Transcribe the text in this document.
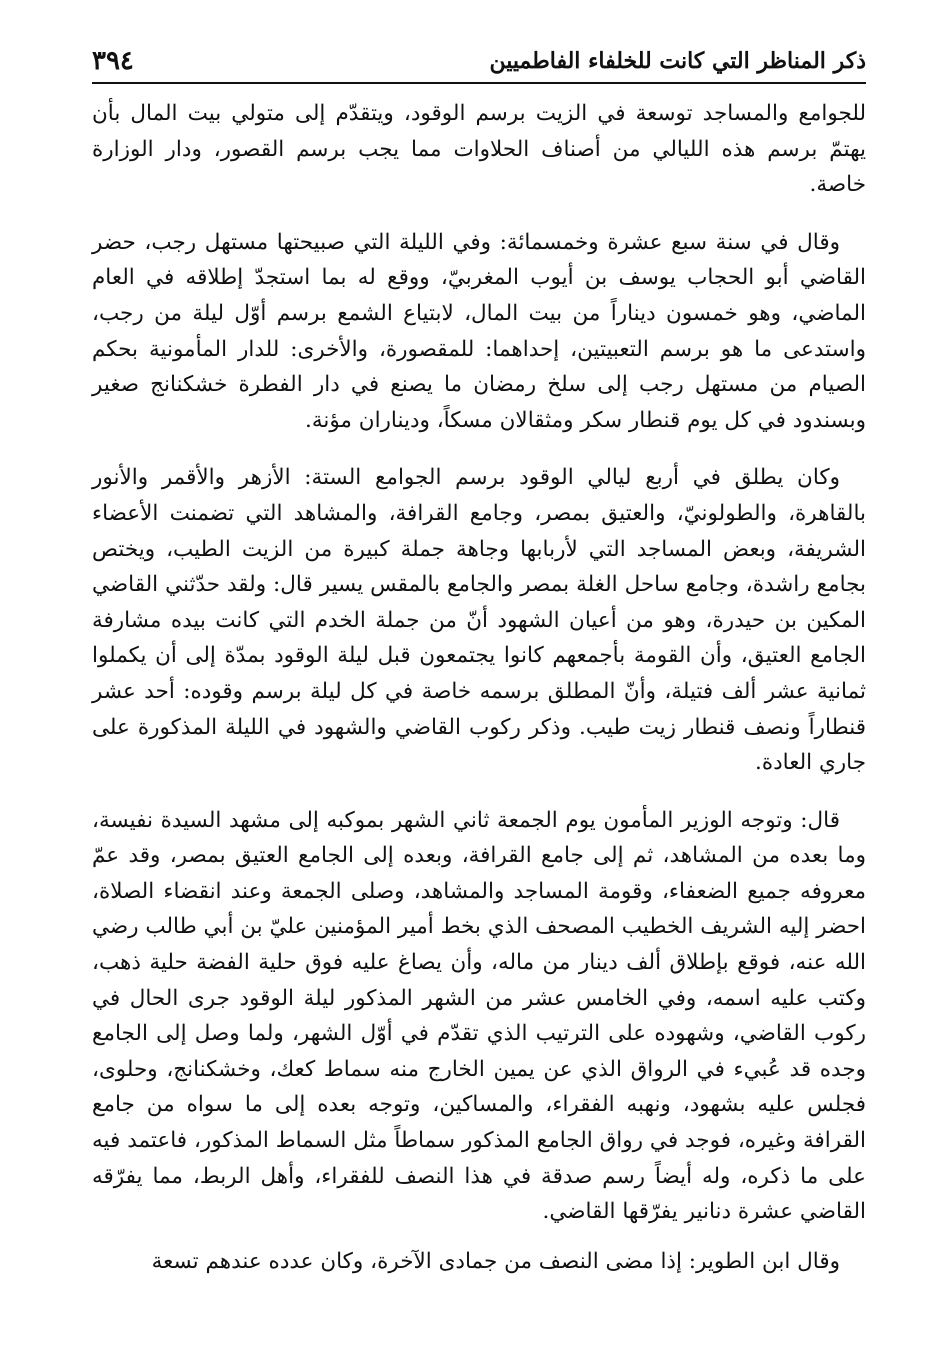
ذكر المناظر التي كانت للخلفاء الفاطميين
٣٩٤

للجوامع والمساجد توسعة في الزيت برسم الوقود، ويتقدّم إلى متولي بيت المال بأن يهتمّ برسم هذه الليالي من أصناف الحلاوات مما يجب برسم القصور، ودار الوزارة خاصة.

وقال في سنة سبع عشرة وخمسمائة: وفي الليلة التي صبيحتها مستهل رجب، حضر القاضي أبو الحجاب يوسف بن أيوب المغربيّ، ووقع له بما استجدّ إطلاقه في العام الماضي، وهو خمسون ديناراً من بيت المال، لابتياع الشمع برسم أوّل ليلة من رجب، واستدعى ما هو برسم التعبيتين، إحداهما: للمقصورة، والأخرى: للدار المأمونية بحكم الصيام من مستهل رجب إلى سلخ رمضان ما يصنع في دار الفطرة خشكنانج صغير وبسندود في كل يوم قنطار سكر ومثقالان مسكاً، وديناران مؤنة.

وكان يطلق في أربع ليالي الوقود برسم الجوامع الستة: الأزهر والأقمر والأنور بالقاهرة، والطولونيّ، والعتيق بمصر، وجامع القرافة، والمشاهد التي تضمنت الأعضاء الشريفة، وبعض المساجد التي لأربابها وجاهة جملة كبيرة من الزيت الطيب، ويختص بجامع راشدة، وجامع ساحل الغلة بمصر والجامع بالمقس يسير قال: ولقد حدّثني القاضي المكين بن حيدرة، وهو من أعيان الشهود أنّ من جملة الخدم التي كانت بيده مشارفة الجامع العتيق، وأن القومة بأجمعهم كانوا يجتمعون قبل ليلة الوقود بمدّة إلى أن يكملوا ثمانية عشر ألف فتيلة، وأنّ المطلق برسمه خاصة في كل ليلة برسم وقوده: أحد عشر قنطاراً ونصف قنطار زيت طيب. وذكر ركوب القاضي والشهود في الليلة المذكورة على جاري العادة.

قال: وتوجه الوزير المأمون يوم الجمعة ثاني الشهر بموكبه إلى مشهد السيدة نفيسة، وما بعده من المشاهد، ثم إلى جامع القرافة، وبعده إلى الجامع العتيق بمصر، وقد عمّ معروفه جميع الضعفاء، وقومة المساجد والمشاهد، وصلى الجمعة وعند انقضاء الصلاة، احضر إليه الشريف الخطيب المصحف الذي بخط أمير المؤمنين عليّ بن أبي طالب رضي الله عنه، فوقع بإطلاق ألف دينار من ماله، وأن يصاغ عليه فوق حلية الفضة حلية ذهب، وكتب عليه اسمه، وفي الخامس عشر من الشهر المذكور ليلة الوقود جرى الحال في ركوب القاضي، وشهوده على الترتيب الذي تقدّم في أوّل الشهر، ولما وصل إلى الجامع وجده قد عُبيء في الرواق الذي عن يمين الخارج منه سماط كعك، وخشكنانج، وحلوى، فجلس عليه بشهود، ونهبه الفقراء، والمساكين، وتوجه بعده إلى ما سواه من جامع القرافة وغيره، فوجد في رواق الجامع المذكور سماطاً مثل السماط المذكور، فاعتمد فيه على ما ذكره، وله أيضاً رسم صدقة في هذا النصف للفقراء، وأهل الربط، مما يفرّقه القاضي عشرة دنانير يفرّقها القاضي.

وقال ابن الطوير: إذا مضى النصف من جمادى الآخرة، وكان عدده عندهم تسعة
